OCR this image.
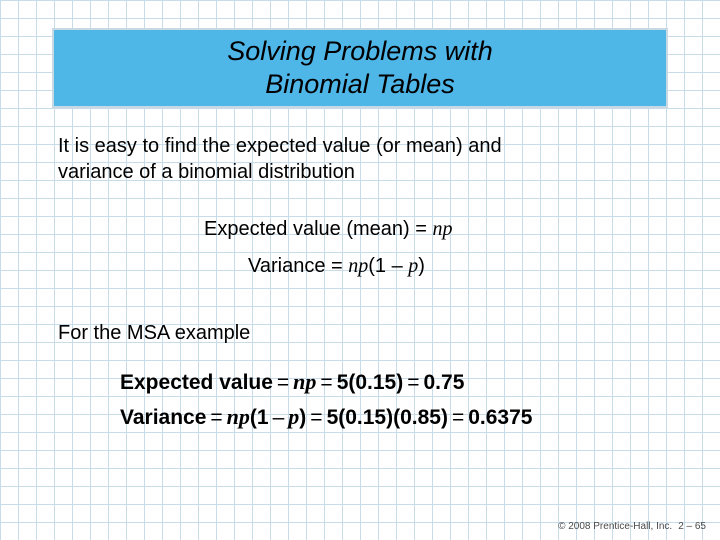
Solving Problems with
Binomial Tables
It is easy to find the expected value (or mean) and
variance of a binomial distribution
Expected value (mean) = np
Variance = np(1 – p)
For the MSA example
Expected value = np = 5(0.15) = 0.75
Variance = np(1 – p) = 5(0.15)(0.85) = 0.6375
© 2008 Prentice-Hall, Inc. 2 – 65
